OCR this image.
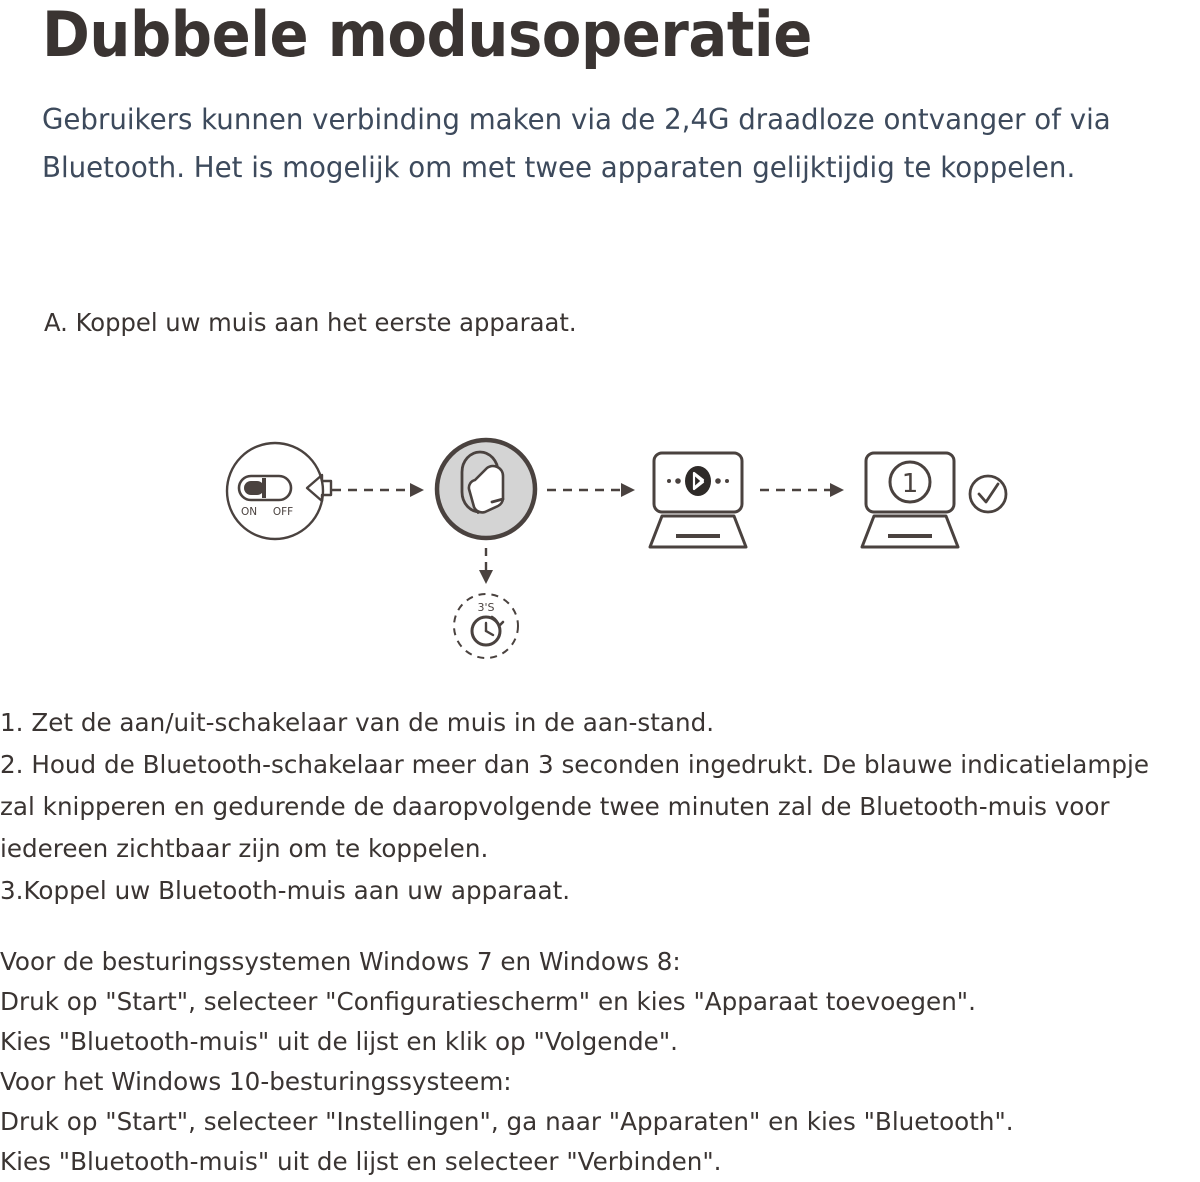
Dubbele modusoperatie
Gebruikers kunnen verbinding maken via de 2,4G draadloze ontvanger of via Bluetooth. Het is mogelijk om met twee apparaten gelijktijdig te koppelen.
A. Koppel uw muis aan het eerste apparaat.
ON OFF
3'S
1
1. Zet de aan/uit-schakelaar van de muis in de aan-stand.
2. Houd de Bluetooth-schakelaar meer dan 3 seconden ingedrukt. De blauwe indicatielampje
zal knipperen en gedurende de daaropvolgende twee minuten zal de Bluetooth-muis voor
iedereen zichtbaar zijn om te koppelen.
3.Koppel uw Bluetooth-muis aan uw apparaat.
Voor de besturingssystemen Windows 7 en Windows 8:
Druk op "Start", selecteer "Configuratiescherm" en kies "Apparaat toevoegen".
Kies "Bluetooth-muis" uit de lijst en klik op "Volgende".
Voor het Windows 10-besturingssysteem:
Druk op "Start", selecteer "Instellingen", ga naar "Apparaten" en kies "Bluetooth".
Kies "Bluetooth-muis" uit de lijst en selecteer "Verbinden".
